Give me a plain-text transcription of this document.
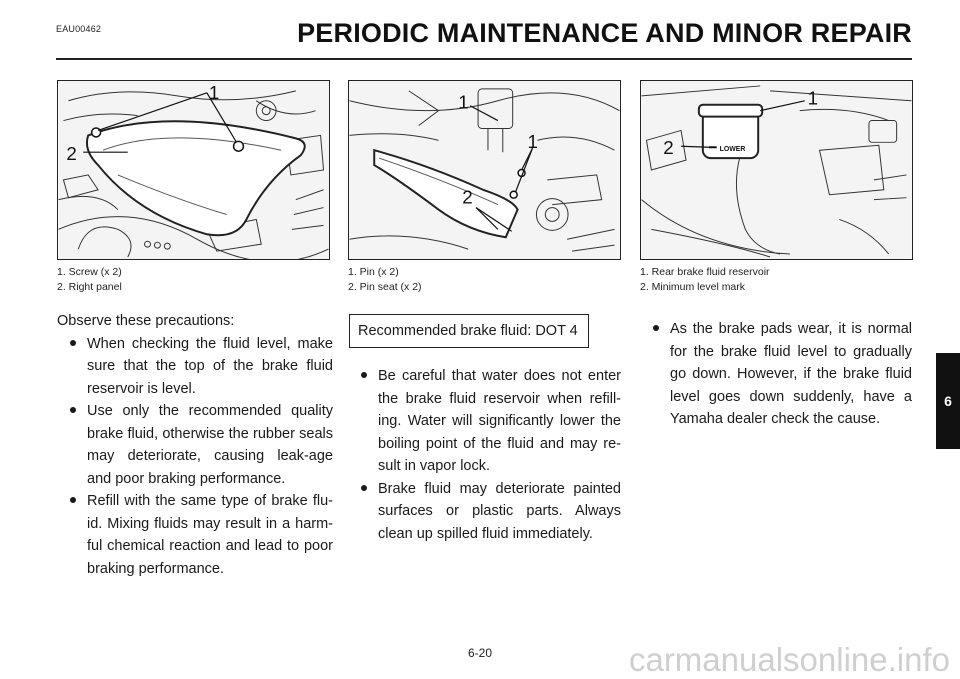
EAU00462	PERIODIC MAINTENANCE AND MINOR REPAIR
1
2
1
1
2
LOWER
1
2
1. Screw (x 2)
2. Right panel
1. Pin (x 2)
2. Pin seat (x 2)
1. Rear brake fluid reservoir
2. Minimum level mark
Observe these precautions:
When checking the fluid level, make sure that the top of the brake fluid reservoir is level.
Use only the recommended quality brake fluid, otherwise the rubber seals may deteriorate, causing leak-age and poor braking performance.
Refill with the same type of brake flu-id. Mixing fluids may result in a harm-ful chemical reaction and lead to poor braking performance.
Recommended brake fluid: DOT 4
Be careful that water does not enter the brake fluid reservoir when refill-ing. Water will significantly lower the boiling point of the fluid and may re-sult in vapor lock.
Brake fluid may deteriorate painted surfaces or plastic parts. Always clean up spilled fluid immediately.
As the brake pads wear, it is normal for the brake fluid level to gradually go down. However, if the brake fluid level goes down suddenly, have a Yamaha dealer check the cause.
6
6-20	carmanualsonline.info
